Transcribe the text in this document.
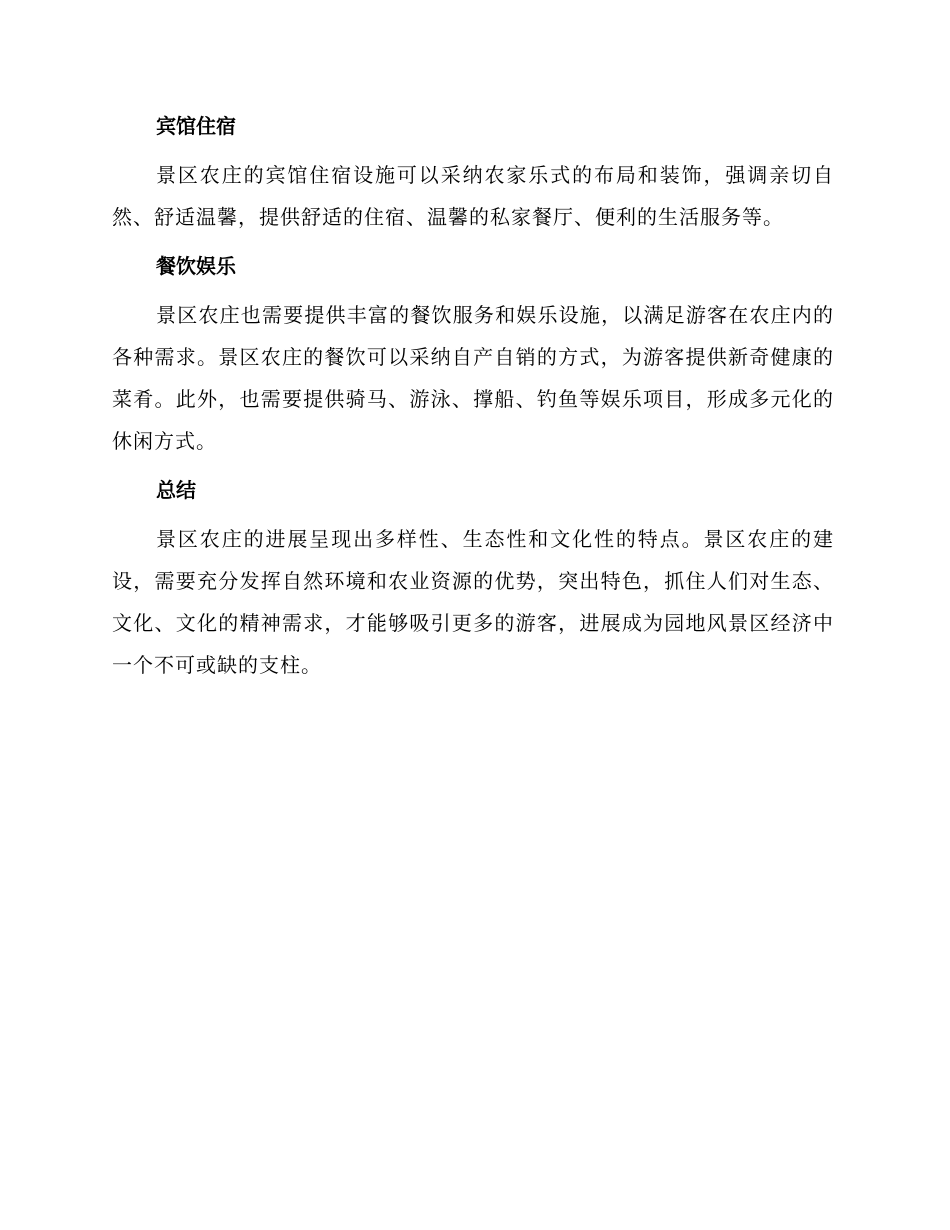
宾馆住宿

景区农庄的宾馆住宿设施可以采纳农家乐式的布局和装饰，强调亲切自然、舒适温馨，提供舒适的住宿、温馨的私家餐厅、便利的生活服务等。

餐饮娱乐

景区农庄也需要提供丰富的餐饮服务和娱乐设施，以满足游客在农庄内的各种需求。景区农庄的餐饮可以采纳自产自销的方式，为游客提供新奇健康的菜肴。此外，也需要提供骑马、游泳、撑船、钓鱼等娱乐项目，形成多元化的休闲方式。

总结

景区农庄的进展呈现出多样性、生态性和文化性的特点。景区农庄的建设，需要充分发挥自然环境和农业资源的优势，突出特色，抓住人们对生态、文化、文化的精神需求，才能够吸引更多的游客，进展成为园地风景区经济中一个不可或缺的支柱。
